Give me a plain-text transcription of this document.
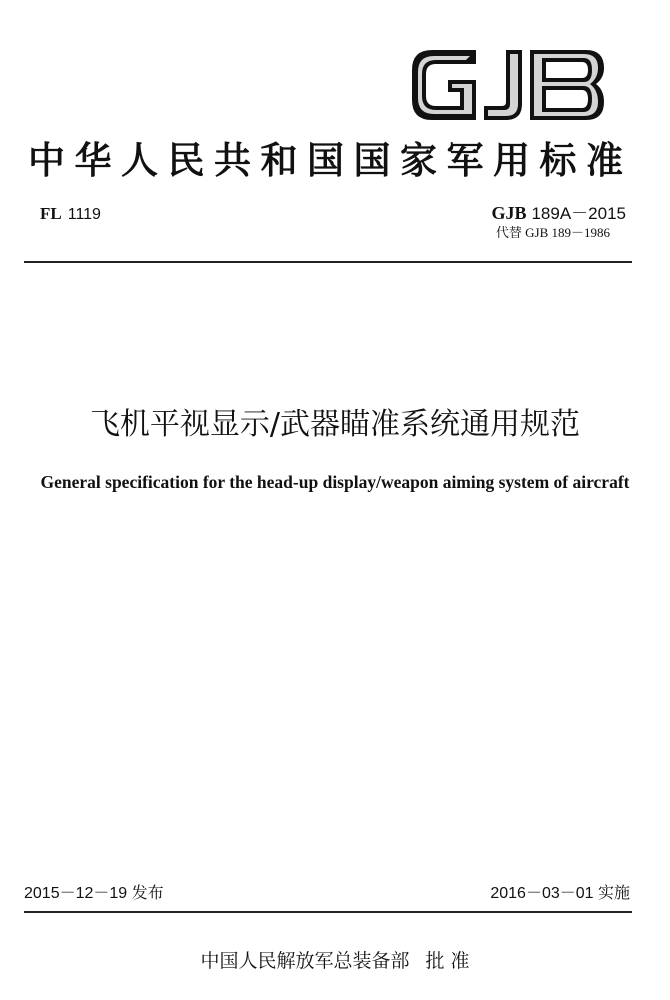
中华人民共和国国家军用标准
FL 1119	GJB 189A－2015
代替 GJB 189－1986
飞机平视显示/武器瞄准系统通用规范
General specification for the head-up display/weapon aiming system of aircraft
2015－12－19 发布	2016－03－01 实施
中国人民解放军总装备部 批 准
